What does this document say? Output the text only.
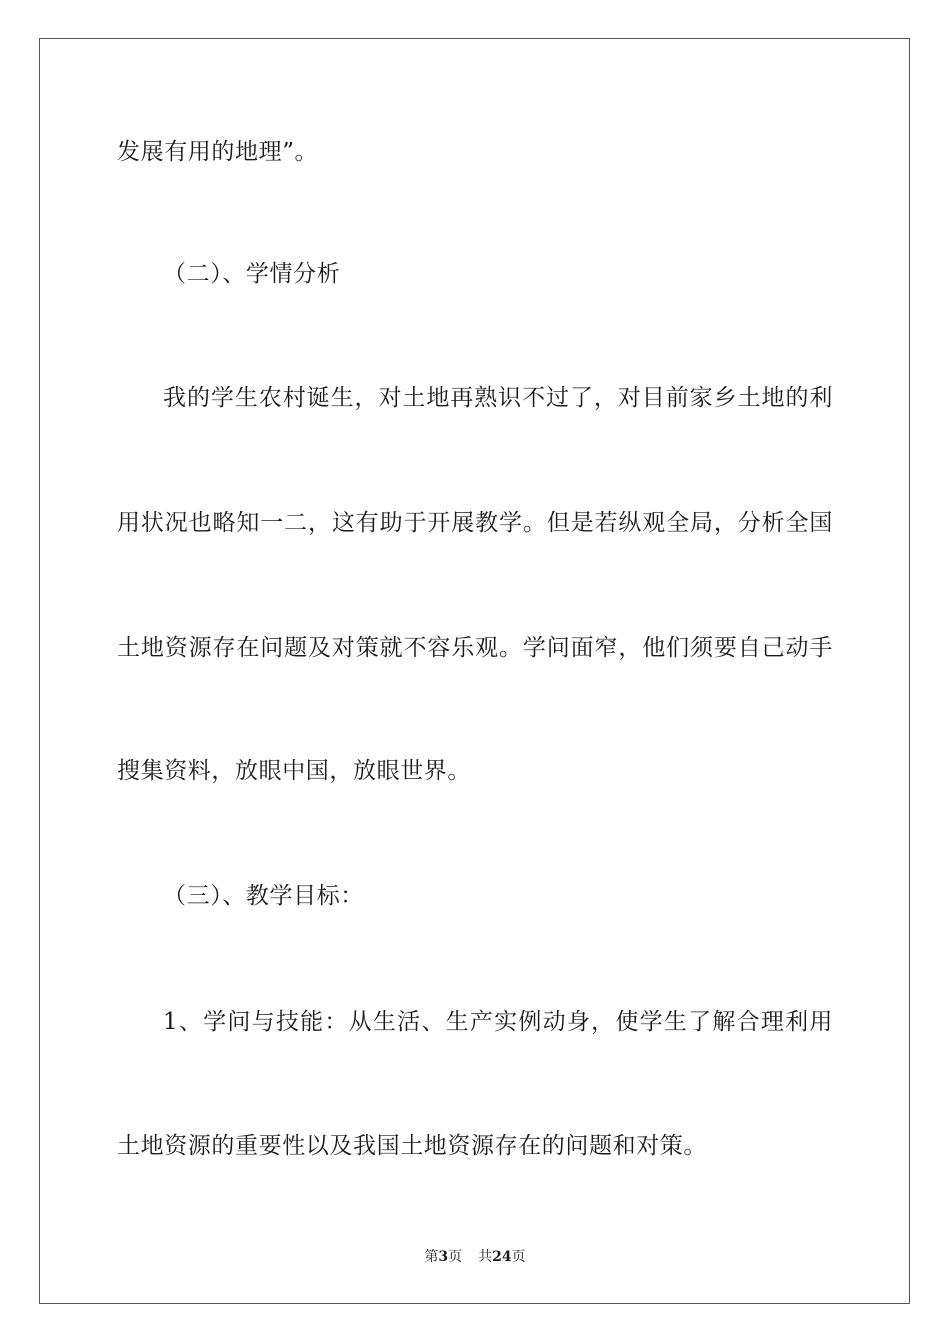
发展有用的地理”。
（二）、学情分析
我的学生农村诞生，对土地再熟识不过了，对目前家乡土地的利
用状况也略知一二，这有助于开展教学。但是若纵观全局，分析全国
土地资源存在问题及对策就不容乐观。学问面窄，他们须要自己动手
搜集资料，放眼中国，放眼世界。
（三）、教学目标：
1、学问与技能：从生活、生产实例动身，使学生了解合理利用
土地资源的重要性以及我国土地资源存在的问题和对策。
第3页 共24页
